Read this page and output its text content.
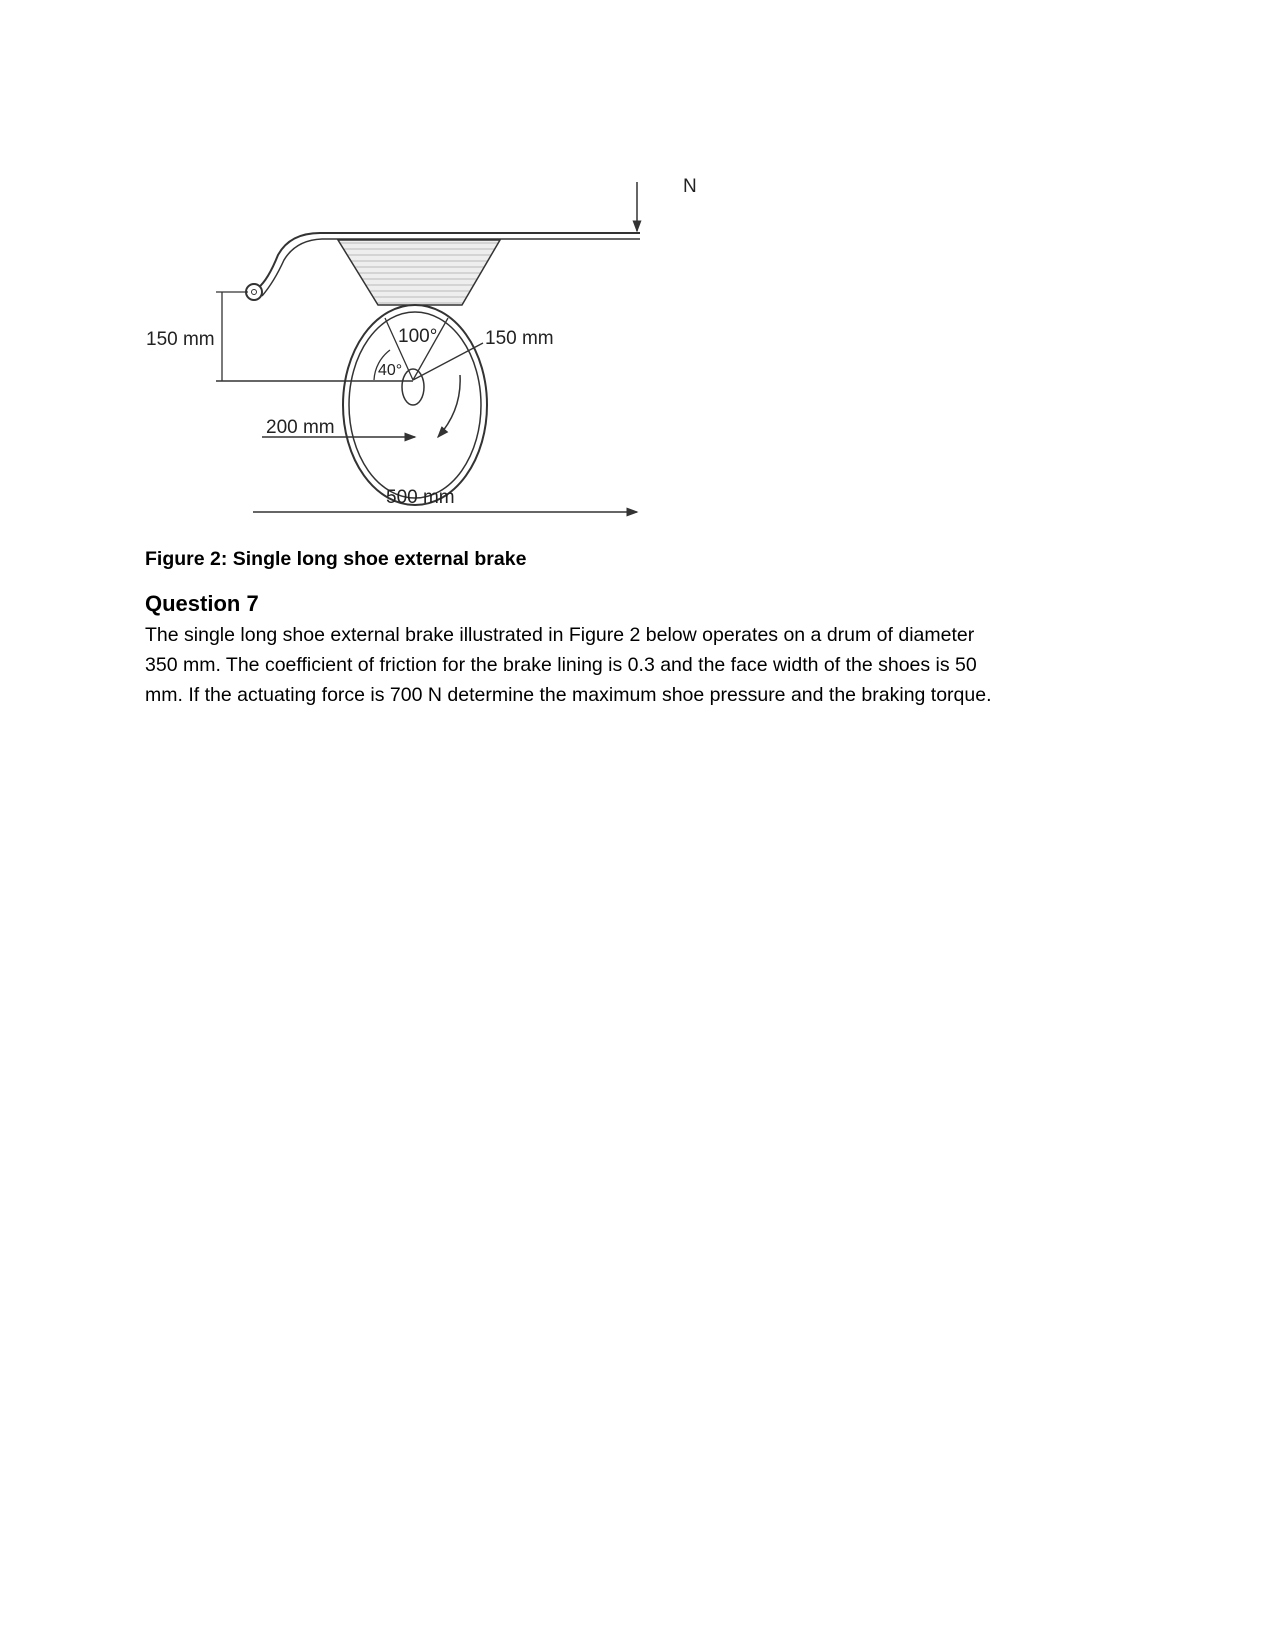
N
100°
40°
150 mm
150 mm
200 mm
500 mm
Figure 2: Single long shoe external brake
Question 7
The single long shoe external brake illustrated in Figure 2 below operates on a drum of diameter
350 mm. The coefficient of friction for the brake lining is 0.3 and the face width of the shoes is 50
mm. If the actuating force is 700 N determine the maximum shoe pressure and the braking torque.
